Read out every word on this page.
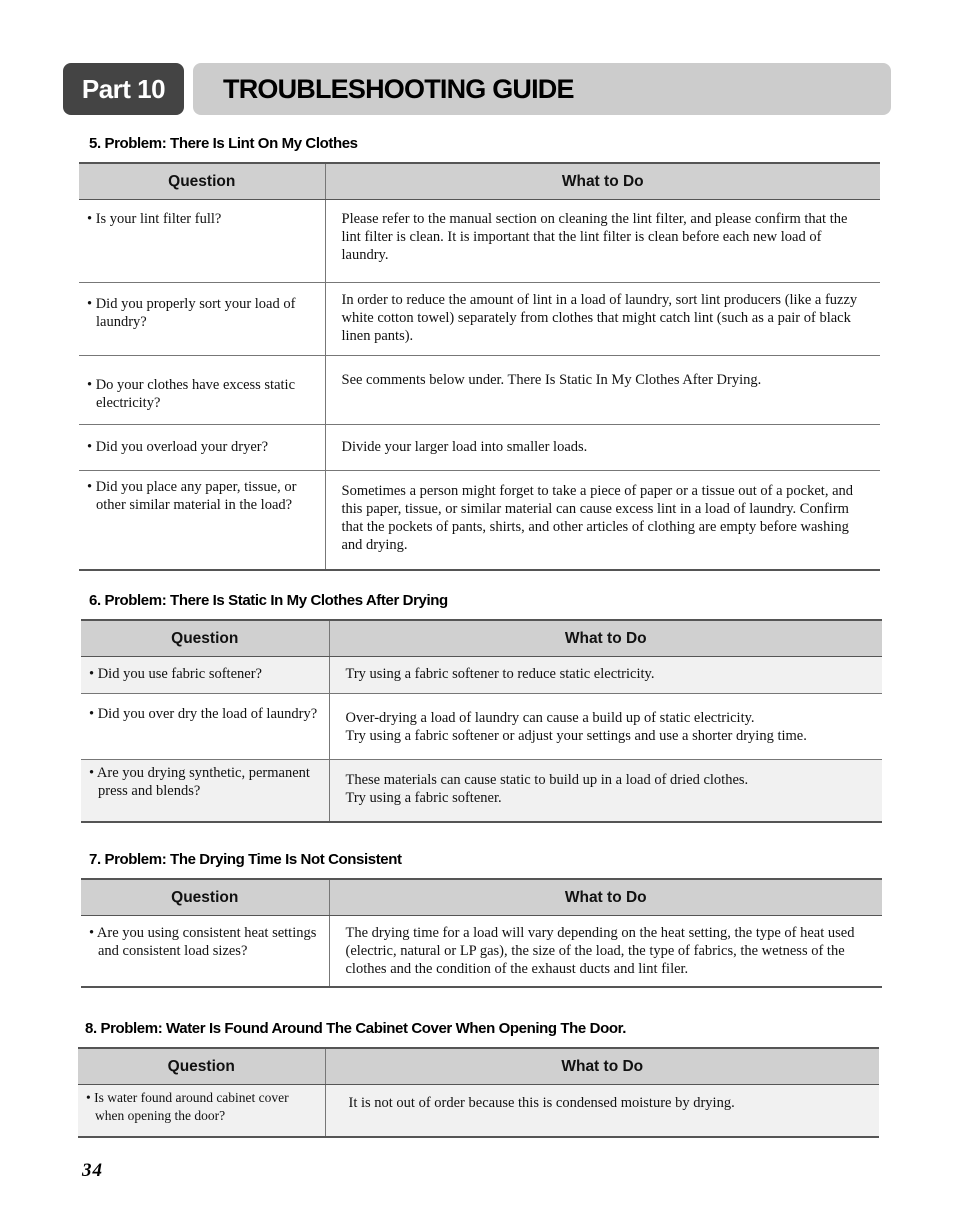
Part 10	TROUBLESHOOTING GUIDE
5. Problem: There Is Lint On My Clothes
Question	What to Do

• Is your lint filter full?	Please refer to the manual section on cleaning the lint filter, and please confirm that the lint filter is clean. It is important that the lint filter is clean before each new load of laundry.

• Did you properly sort your load of laundry?	In order to reduce the amount of lint in a load of laundry, sort lint producers (like a fuzzy white cotton towel) separately from clothes that might catch lint (such as a pair of black linen pants).

• Do your clothes have excess static electricity?	See comments below under. There Is Static In My Clothes After Drying.

• Did you overload your dryer?	Divide your larger load into smaller loads.

• Did you place any paper, tissue, or other similar material in the load?	Sometimes a person might forget to take a piece of paper or a tissue out of a pocket, and this paper, tissue, or similar material can cause excess lint in a load of laundry. Confirm that the pockets of pants, shirts, and other articles of clothing are empty before washing and drying.
6. Problem: There Is Static In My Clothes After Drying
Question	What to Do

• Did you use fabric softener?	Try using a fabric softener to reduce static electricity.

• Did you over dry the load of laundry?	Over-drying a load of laundry can cause a build up of static electricity.
Try using a fabric softener or adjust your settings and use a shorter drying time.

• Are you drying synthetic, permanent press and blends?	These materials can cause static to build up in a load of dried clothes.
Try using a fabric softener.
7. Problem: The Drying Time Is Not Consistent
Question	What to Do

• Are you using consistent heat settings and consistent load sizes?	The drying time for a load will vary depending on the heat setting, the type of heat used (electric, natural or LP gas), the size of the load, the type of fabrics, the wetness of the clothes and the condition of the exhaust ducts and lint filer.
8. Problem: Water Is Found Around The Cabinet Cover When Opening The Door.
Question	What to Do

• Is water found around cabinet cover when opening the door?	It is not out of order because this is condensed moisture by drying.
34
